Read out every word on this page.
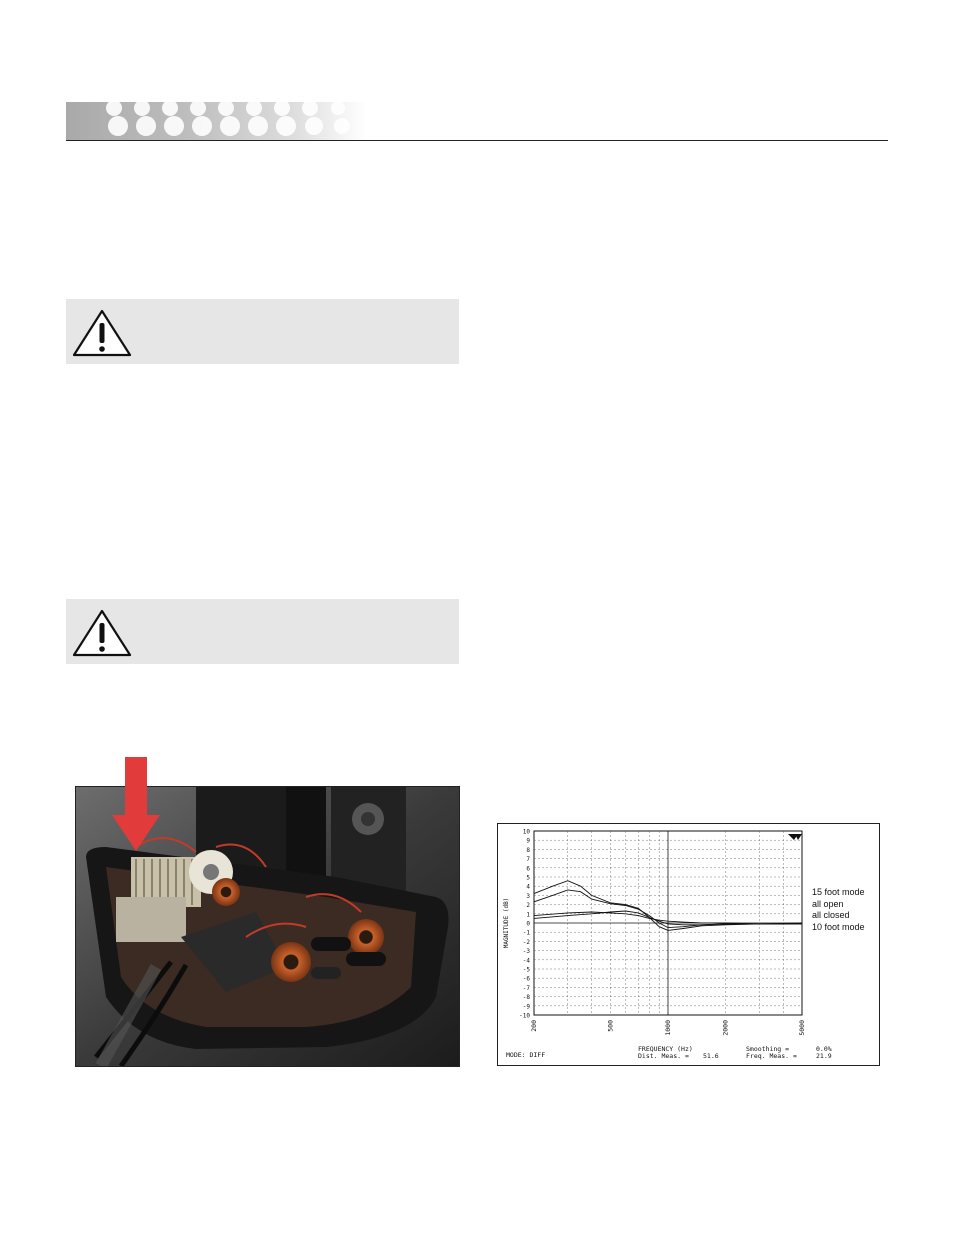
-10
-9
-8
-7
-6
-5
-4
-3
-2
-1
0
1
2
3
4
5
6
7
8
9
10
200	500	1000	2000	5000
MAGNITUDE (dB)
MODE: DIFF
FREQUENCY (Hz)
Dist. Meas. = 51.6
Smoothing =	0.0%
Freq. Meas. =	21.9
15 foot mode
all open
all closed
10 foot mode
